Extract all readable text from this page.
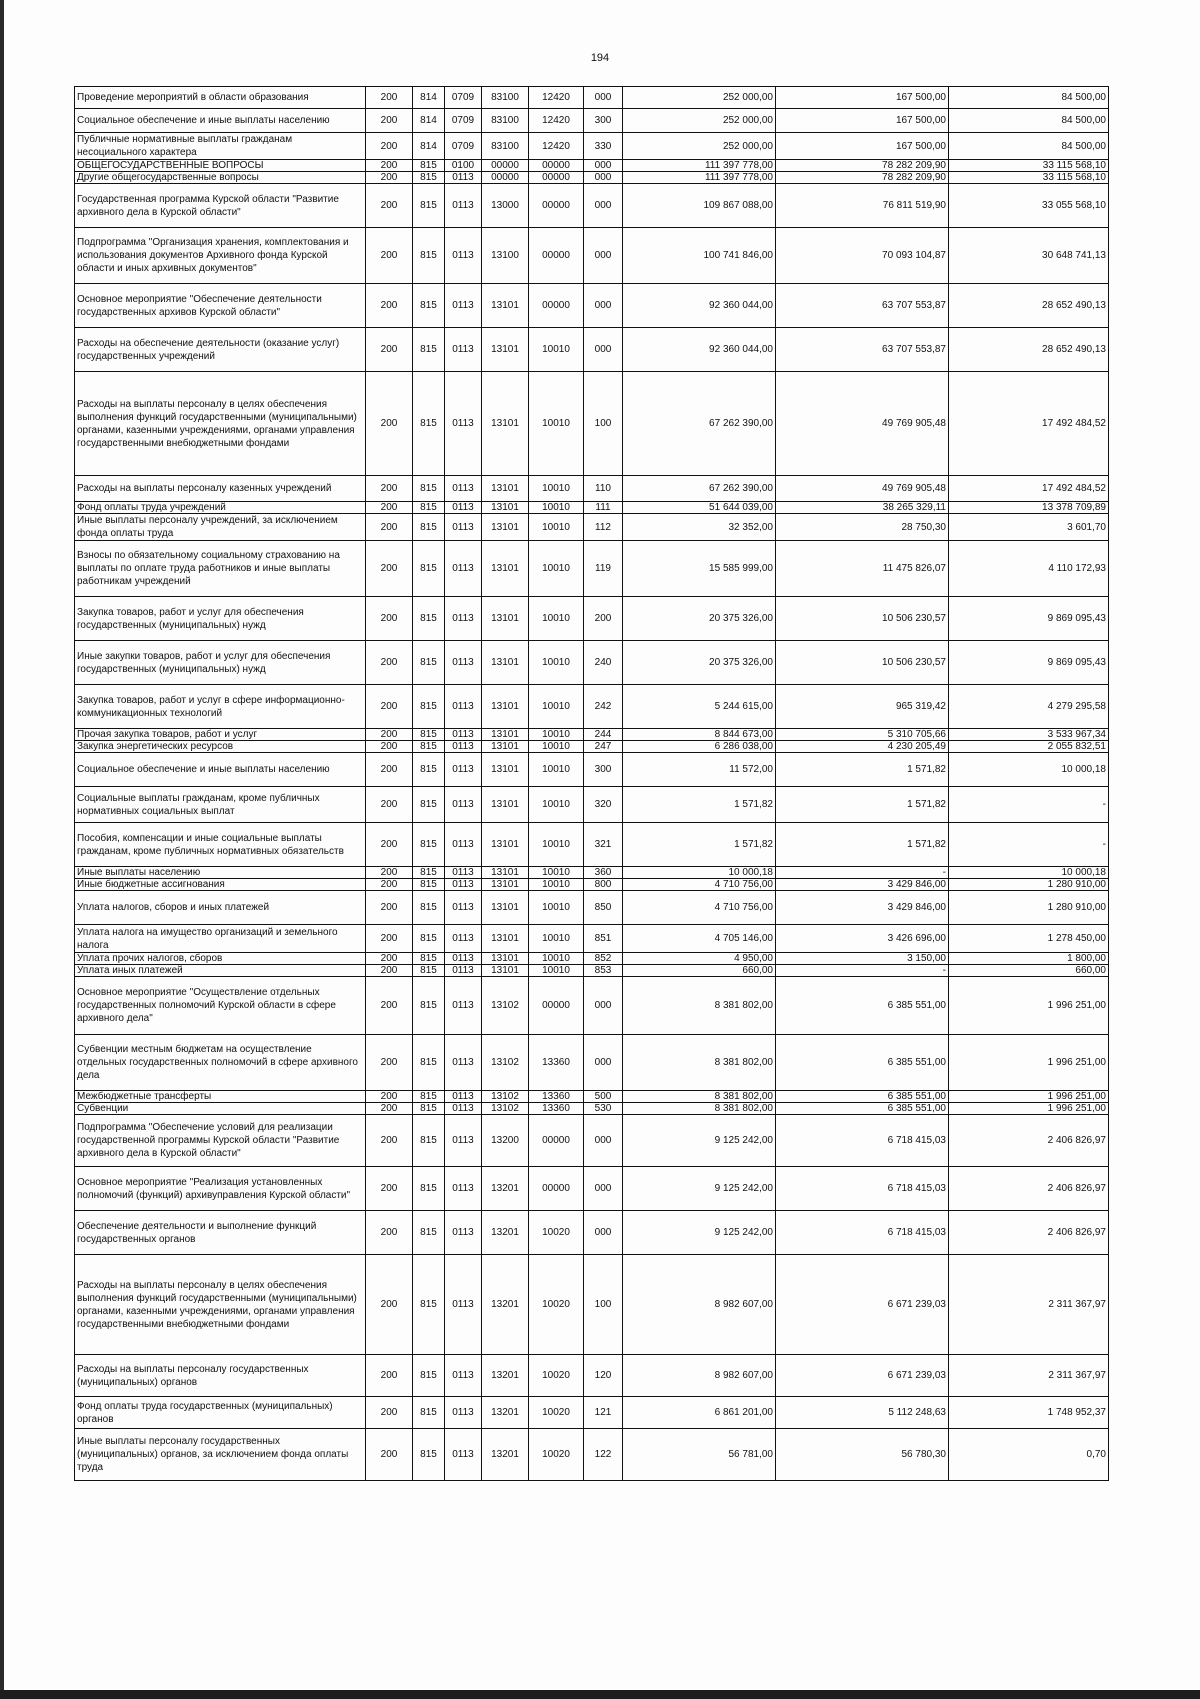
194
Проведение мероприятий в области образования	200	814	0709	83100	12420	000	252 000,00	167 500,00	84 500,00
Социальное обеспечение и иные выплаты населению	200	814	0709	83100	12420	300	252 000,00	167 500,00	84 500,00
Публичные нормативные выплаты гражданам несоциального характера	200	814	0709	83100	12420	330	252 000,00	167 500,00	84 500,00
ОБЩЕГОСУДАРСТВЕННЫЕ ВОПРОСЫ	200	815	0100	00000	00000	000	111 397 778,00	78 282 209,90	33 115 568,10
Другие общегосударственные вопросы	200	815	0113	00000	00000	000	111 397 778,00	78 282 209,90	33 115 568,10
Государственная программа Курской области "Развитие архивного дела в Курской области"	200	815	0113	13000	00000	000	109 867 088,00	76 811 519,90	33 055 568,10
Подпрограмма "Организация хранения, комплектования и использования документов Архивного фонда Курской области и иных архивных документов"	200	815	0113	13100	00000	000	100 741 846,00	70 093 104,87	30 648 741,13
Основное мероприятие "Обеспечение деятельности государственных архивов Курской области"	200	815	0113	13101	00000	000	92 360 044,00	63 707 553,87	28 652 490,13
Расходы на обеспечение деятельности (оказание услуг) государственных учреждений	200	815	0113	13101	10010	000	92 360 044,00	63 707 553,87	28 652 490,13
Расходы на выплаты персоналу в целях обеспечения выполнения функций государственными (муниципальными) органами, казенными учреждениями, органами управления государственными внебюджетными фондами	200	815	0113	13101	10010	100	67 262 390,00	49 769 905,48	17 492 484,52
Расходы на выплаты персоналу казенных учреждений	200	815	0113	13101	10010	110	67 262 390,00	49 769 905,48	17 492 484,52
Фонд оплаты труда учреждений	200	815	0113	13101	10010	111	51 644 039,00	38 265 329,11	13 378 709,89
Иные выплаты персоналу учреждений, за исключением фонда оплаты труда	200	815	0113	13101	10010	112	32 352,00	28 750,30	3 601,70
Взносы по обязательному социальному страхованию на выплаты по оплате труда работников и иные выплаты работникам учреждений	200	815	0113	13101	10010	119	15 585 999,00	11 475 826,07	4 110 172,93
Закупка товаров, работ и услуг для обеспечения государственных (муниципальных) нужд	200	815	0113	13101	10010	200	20 375 326,00	10 506 230,57	9 869 095,43
Иные закупки товаров, работ и услуг для обеспечения государственных (муниципальных) нужд	200	815	0113	13101	10010	240	20 375 326,00	10 506 230,57	9 869 095,43
Закупка товаров, работ и услуг в сфере информационно-коммуникационных технологий	200	815	0113	13101	10010	242	5 244 615,00	965 319,42	4 279 295,58
Прочая закупка товаров, работ и услуг	200	815	0113	13101	10010	244	8 844 673,00	5 310 705,66	3 533 967,34
Закупка энергетических ресурсов	200	815	0113	13101	10010	247	6 286 038,00	4 230 205,49	2 055 832,51
Социальное обеспечение и иные выплаты населению	200	815	0113	13101	10010	300	11 572,00	1 571,82	10 000,18
Социальные выплаты гражданам, кроме публичных нормативных социальных выплат	200	815	0113	13101	10010	320	1 571,82	1 571,82	-
Пособия, компенсации и иные социальные выплаты гражданам, кроме публичных нормативных обязательств	200	815	0113	13101	10010	321	1 571,82	1 571,82	-
Иные выплаты населению	200	815	0113	13101	10010	360	10 000,18	-	10 000,18
Иные бюджетные ассигнования	200	815	0113	13101	10010	800	4 710 756,00	3 429 846,00	1 280 910,00
Уплата налогов, сборов и иных платежей	200	815	0113	13101	10010	850	4 710 756,00	3 429 846,00	1 280 910,00
Уплата налога на имущество организаций и земельного налога	200	815	0113	13101	10010	851	4 705 146,00	3 426 696,00	1 278 450,00
Уплата прочих налогов, сборов	200	815	0113	13101	10010	852	4 950,00	3 150,00	1 800,00
Уплата иных платежей	200	815	0113	13101	10010	853	660,00	-	660,00
Основное мероприятие "Осуществление отдельных государственных полномочий Курской области в сфере архивного дела"	200	815	0113	13102	00000	000	8 381 802,00	6 385 551,00	1 996 251,00
Субвенции местным бюджетам на осуществление отдельных государственных полномочий в сфере архивного дела	200	815	0113	13102	13360	000	8 381 802,00	6 385 551,00	1 996 251,00
Межбюджетные трансферты	200	815	0113	13102	13360	500	8 381 802,00	6 385 551,00	1 996 251,00
Субвенции	200	815	0113	13102	13360	530	8 381 802,00	6 385 551,00	1 996 251,00
Подпрограмма "Обеспечение условий для реализации государственной программы Курской области "Развитие архивного дела в Курской области"	200	815	0113	13200	00000	000	9 125 242,00	6 718 415,03	2 406 826,97
Основное мероприятие "Реализация установленных полномочий (функций) архивуправления Курской области"	200	815	0113	13201	00000	000	9 125 242,00	6 718 415,03	2 406 826,97
Обеспечение деятельности и выполнение функций государственных органов	200	815	0113	13201	10020	000	9 125 242,00	6 718 415,03	2 406 826,97
Расходы на выплаты персоналу в целях обеспечения выполнения функций государственными (муниципальными) органами, казенными учреждениями, органами управления государственными внебюджетными фондами	200	815	0113	13201	10020	100	8 982 607,00	6 671 239,03	2 311 367,97
Расходы на выплаты персоналу государственных (муниципальных) органов	200	815	0113	13201	10020	120	8 982 607,00	6 671 239,03	2 311 367,97
Фонд оплаты труда государственных (муниципальных) органов	200	815	0113	13201	10020	121	6 861 201,00	5 112 248,63	1 748 952,37
Иные выплаты персоналу государственных (муниципальных) органов, за исключением фонда оплаты труда	200	815	0113	13201	10020	122	56 781,00	56 780,30	0,70
